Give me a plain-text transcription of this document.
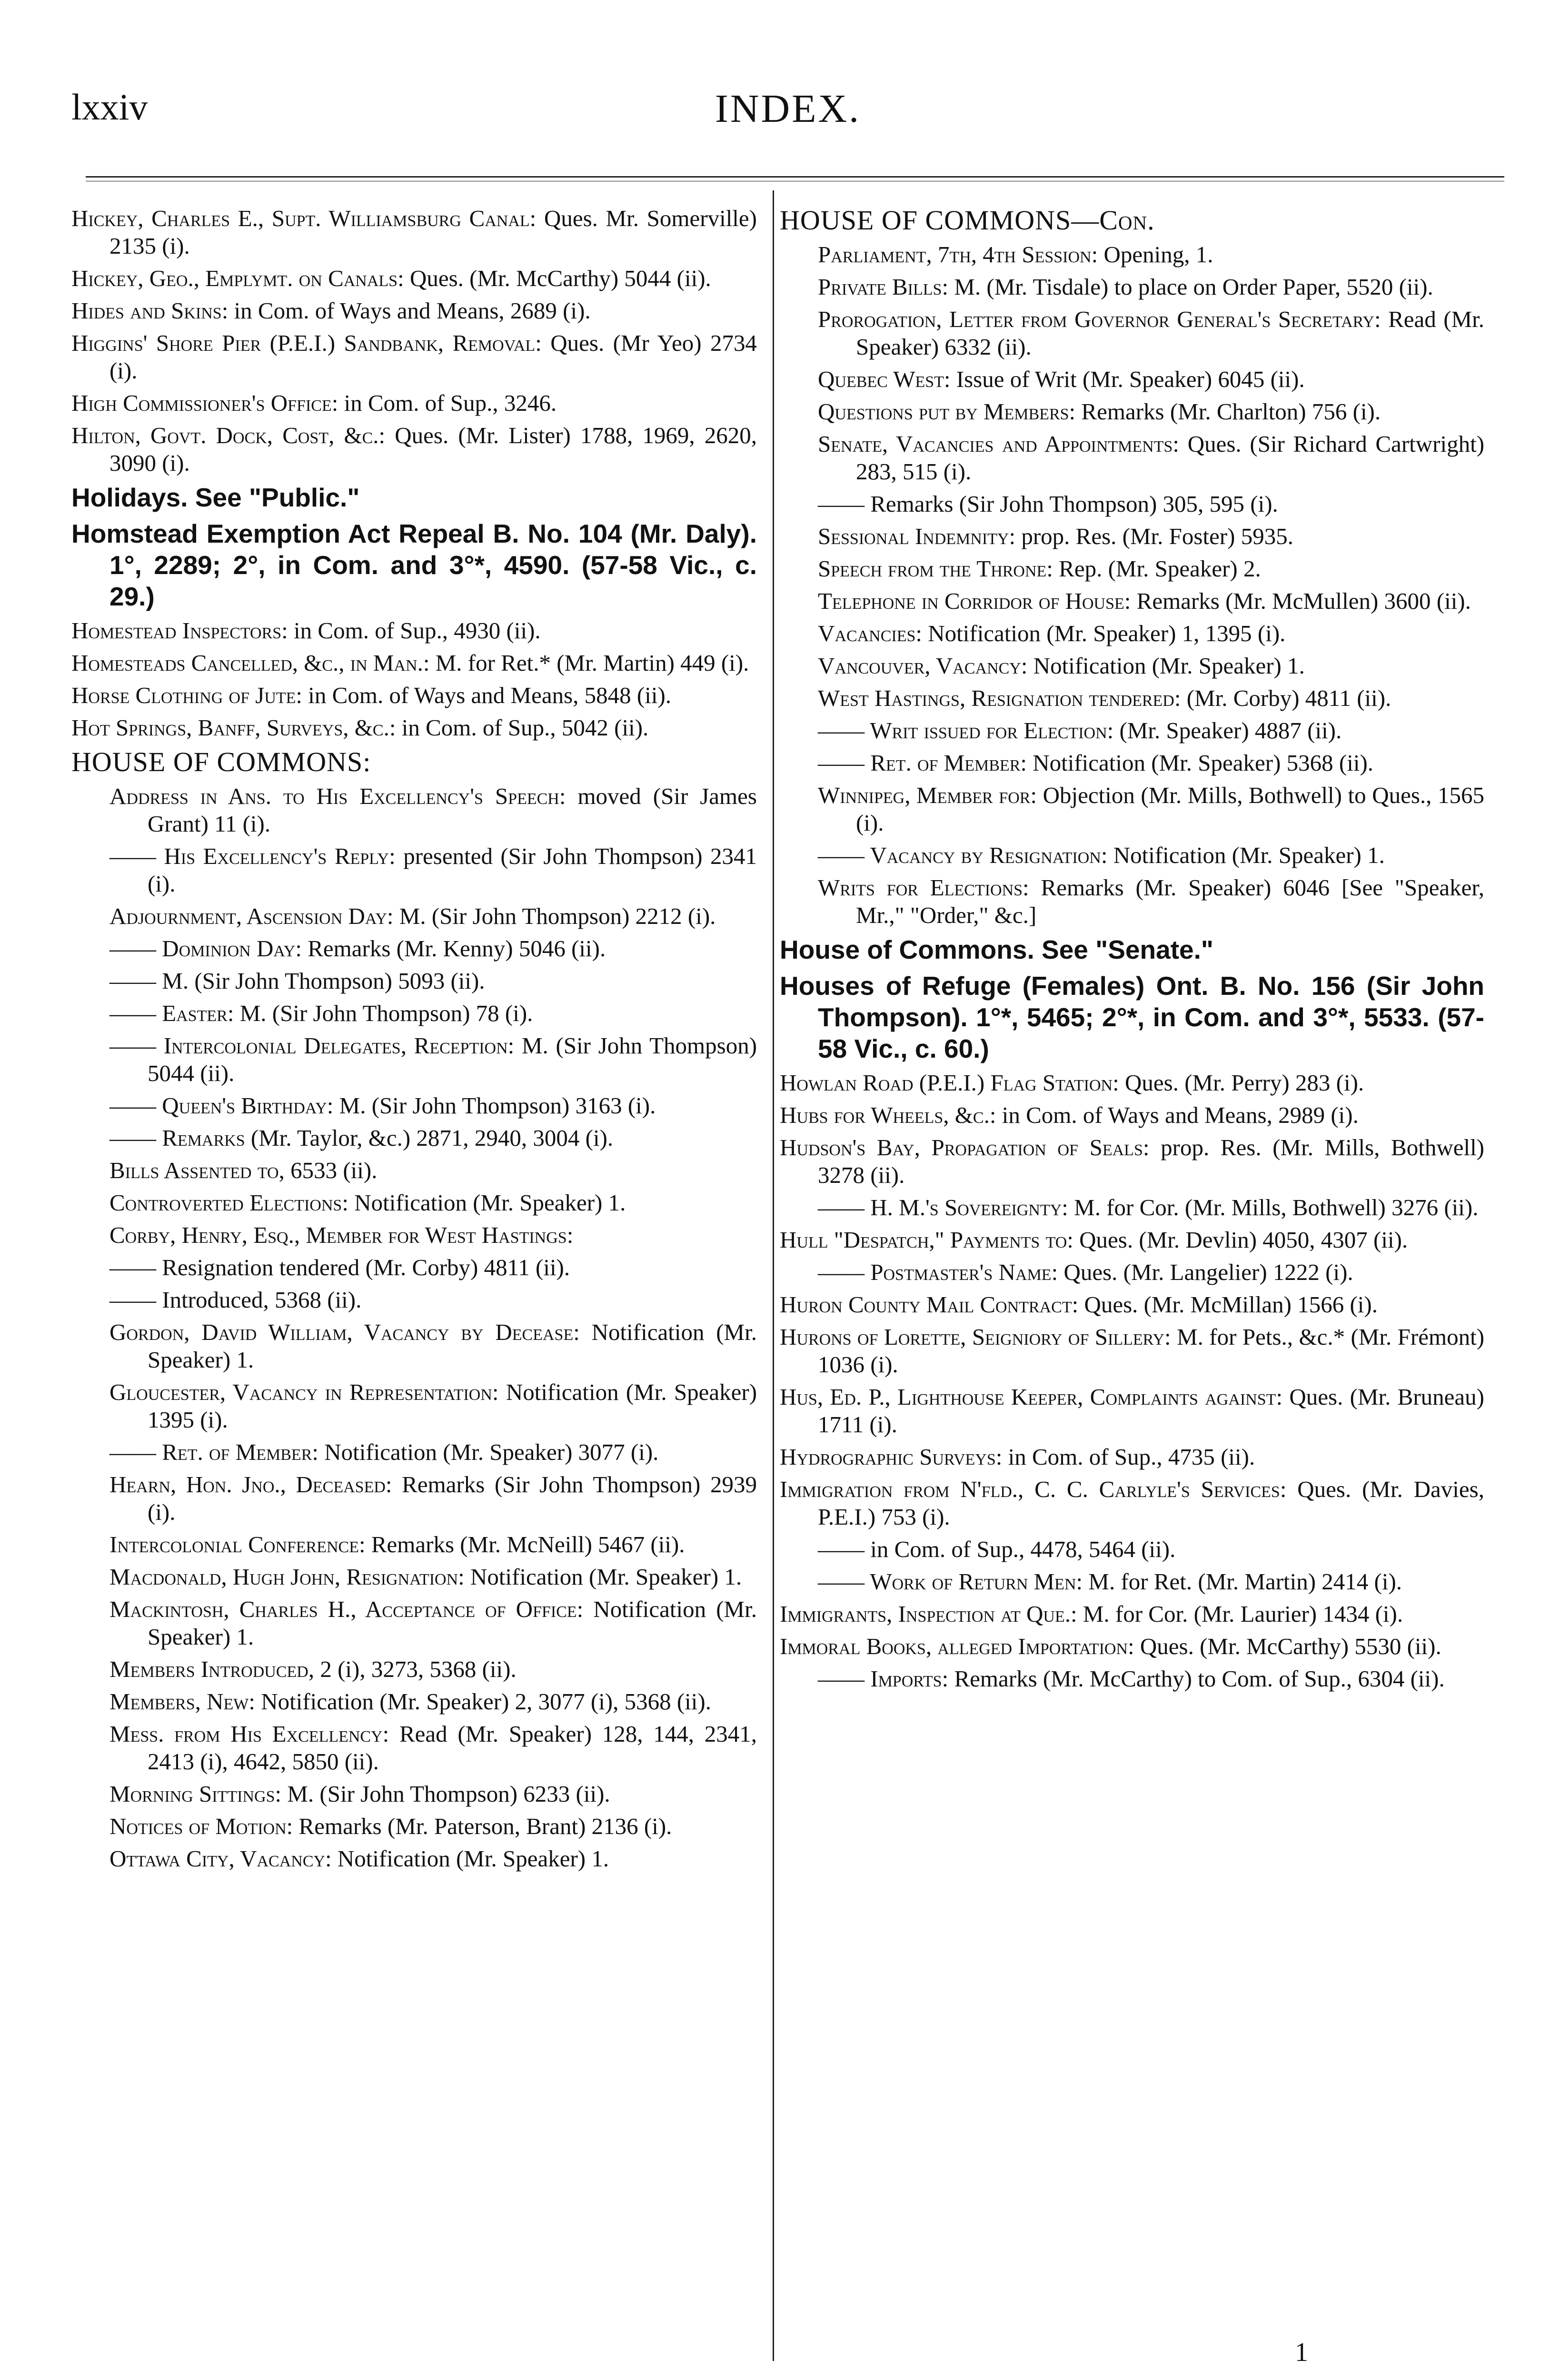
lxxiv	INDEX.

Hickey, Charles E., Supt. Williamsburg Canal: Ques. Mr. Somerville) 2135 (i).

Hickey, Geo., Emplymt. on Canals: Ques. (Mr. McCarthy) 5044 (ii).

Hides and Skins: in Com. of Ways and Means, 2689 (i).

Higgins' Shore Pier (P.E.I.) Sandbank, Removal: Ques. (Mr Yeo) 2734 (i).

High Commissioner's Office: in Com. of Sup., 3246.

Hilton, Govt. Dock, Cost, &c.: Ques. (Mr. Lister) 1788, 1969, 2620, 3090 (i).

Holidays. See "Public."

Homstead Exemption Act Repeal B. No. 104 (Mr. Daly). 1°, 2289; 2°, in Com. and 3°*, 4590. (57-58 Vic., c. 29.)

Homestead Inspectors: in Com. of Sup., 4930 (ii).

Homesteads Cancelled, &c., in Man.: M. for Ret.* (Mr. Martin) 449 (i).

Horse Clothing of Jute: in Com. of Ways and Means, 5848 (ii).

Hot Springs, Banff, Surveys, &c.: in Com. of Sup., 5042 (ii).

HOUSE OF COMMONS:

Address in Ans. to His Excellency's Speech: moved (Sir James Grant) 11 (i).

—— His Excellency's Reply: presented (Sir John Thompson) 2341 (i).

Adjournment, Ascension Day: M. (Sir John Thompson) 2212 (i).

—— Dominion Day: Remarks (Mr. Kenny) 5046 (ii).

—— M. (Sir John Thompson) 5093 (ii).

—— Easter: M. (Sir John Thompson) 78 (i).

—— Intercolonial Delegates, Reception: M. (Sir John Thompson) 5044 (ii).

—— Queen's Birthday: M. (Sir John Thompson) 3163 (i).

—— Remarks (Mr. Taylor, &c.) 2871, 2940, 3004 (i).

Bills Assented to, 6533 (ii).

Controverted Elections: Notification (Mr. Speaker) 1.

Corby, Henry, Esq., Member for West Hastings:

—— Resignation tendered (Mr. Corby) 4811 (ii).

—— Introduced, 5368 (ii).

Gordon, David William, Vacancy by Decease: Notification (Mr. Speaker) 1.

Gloucester, Vacancy in Representation: Notification (Mr. Speaker) 1395 (i).

—— Ret. of Member: Notification (Mr. Speaker) 3077 (i).

Hearn, Hon. Jno., Deceased: Remarks (Sir John Thompson) 2939 (i).

Intercolonial Conference: Remarks (Mr. McNeill) 5467 (ii).

Macdonald, Hugh John, Resignation: Notification (Mr. Speaker) 1.

Mackintosh, Charles H., Acceptance of Office: Notification (Mr. Speaker) 1.

Members Introduced, 2 (i), 3273, 5368 (ii).

Members, New: Notification (Mr. Speaker) 2, 3077 (i), 5368 (ii).

Mess. from His Excellency: Read (Mr. Speaker) 128, 144, 2341, 2413 (i), 4642, 5850 (ii).

Morning Sittings: M. (Sir John Thompson) 6233 (ii).

Notices of Motion: Remarks (Mr. Paterson, Brant) 2136 (i).

Ottawa City, Vacancy: Notification (Mr. Speaker) 1.

HOUSE OF COMMONS—Con.

Parliament, 7th, 4th Session: Opening, 1.

Private Bills: M. (Mr. Tisdale) to place on Order Paper, 5520 (ii).

Prorogation, Letter from Governor General's Secretary: Read (Mr. Speaker) 6332 (ii).

Quebec West: Issue of Writ (Mr. Speaker) 6045 (ii).

Questions put by Members: Remarks (Mr. Charlton) 756 (i).

Senate, Vacancies and Appointments: Ques. (Sir Richard Cartwright) 283, 515 (i).

—— Remarks (Sir John Thompson) 305, 595 (i).

Sessional Indemnity: prop. Res. (Mr. Foster) 5935.

Speech from the Throne: Rep. (Mr. Speaker) 2.

Telephone in Corridor of House: Remarks (Mr. McMullen) 3600 (ii).

Vacancies: Notification (Mr. Speaker) 1, 1395 (i).

Vancouver, Vacancy: Notification (Mr. Speaker) 1.

West Hastings, Resignation tendered: (Mr. Corby) 4811 (ii).

—— Writ issued for Election: (Mr. Speaker) 4887 (ii).

—— Ret. of Member: Notification (Mr. Speaker) 5368 (ii).

Winnipeg, Member for: Objection (Mr. Mills, Bothwell) to Ques., 1565 (i).

—— Vacancy by Resignation: Notification (Mr. Speaker) 1.

Writs for Elections: Remarks (Mr. Speaker) 6046 [See "Speaker, Mr.," "Order," &c.]

House of Commons. See "Senate."

Houses of Refuge (Females) Ont. B. No. 156 (Sir John Thompson). 1°*, 5465; 2°*, in Com. and 3°*, 5533. (57-58 Vic., c. 60.)

Howlan Road (P.E.I.) Flag Station: Ques. (Mr. Perry) 283 (i).

Hubs for Wheels, &c.: in Com. of Ways and Means, 2989 (i).

Hudson's Bay, Propagation of Seals: prop. Res. (Mr. Mills, Bothwell) 3278 (ii).

—— H. M.'s Sovereignty: M. for Cor. (Mr. Mills, Bothwell) 3276 (ii).

Hull "Despatch," Payments to: Ques. (Mr. Devlin) 4050, 4307 (ii).

—— Postmaster's Name: Ques. (Mr. Langelier) 1222 (i).

Huron County Mail Contract: Ques. (Mr. McMillan) 1566 (i).

Hurons of Lorette, Seigniory of Sillery: M. for Pets., &c.* (Mr. Frémont) 1036 (i).

Hus, Ed. P., Lighthouse Keeper, Complaints against: Ques. (Mr. Bruneau) 1711 (i).

Hydrographic Surveys: in Com. of Sup., 4735 (ii).

Immigration from N'fld., C. C. Carlyle's Services: Ques. (Mr. Davies, P.E.I.) 753 (i).

—— in Com. of Sup., 4478, 5464 (ii).

—— Work of Return Men: M. for Ret. (Mr. Martin) 2414 (i).

Immigrants, Inspection at Que.: M. for Cor. (Mr. Laurier) 1434 (i).

Immoral Books, alleged Importation: Ques. (Mr. McCarthy) 5530 (ii).

—— Imports: Remarks (Mr. McCarthy) to Com. of Sup., 6304 (ii).

1
